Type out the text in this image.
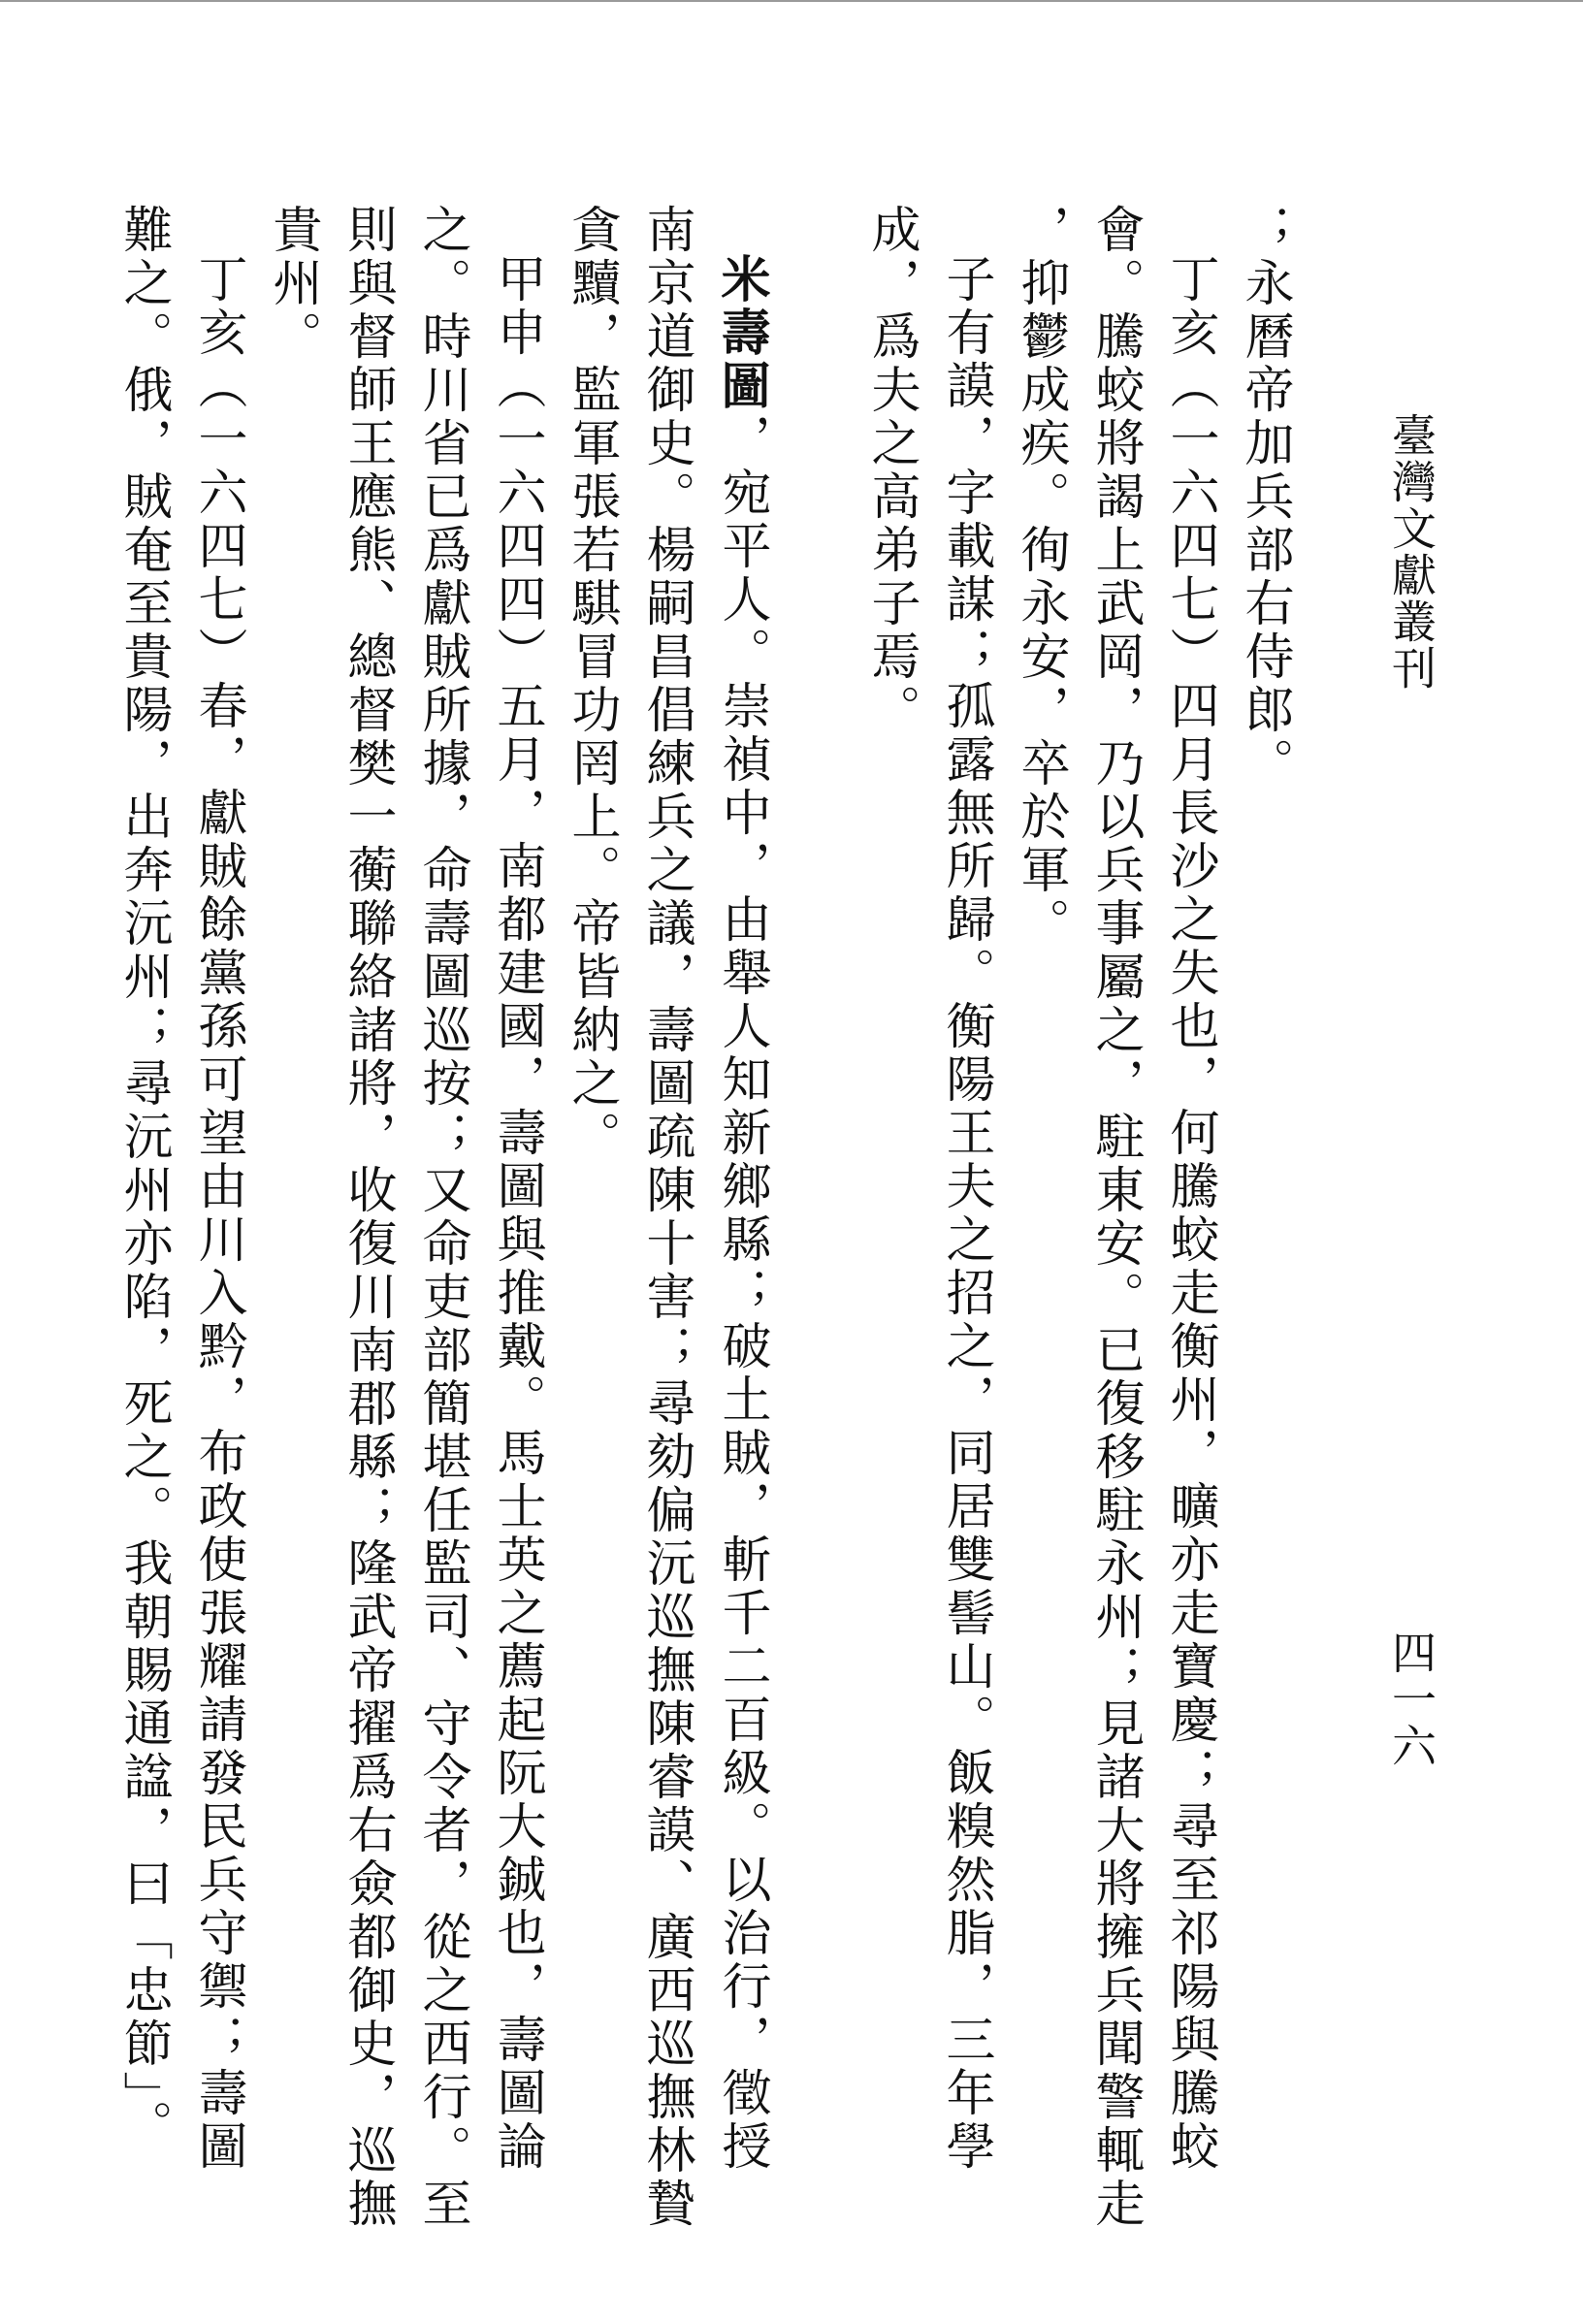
臺灣文獻叢刊
四一六
；永曆帝加兵部右侍郎。
丁亥（一六四七）四月長沙之失也，何騰蛟走衡州，曠亦走寶慶；尋至祁陽與騰蛟
會。騰蛟將謁上武岡，乃以兵事屬之，駐東安。已復移駐永州；見諸大將擁兵聞警輒走
，抑鬱成疾。徇永安，卒於軍。
子有謨，字載謀；孤露無所歸。衡陽王夫之招之，同居雙髻山。飯糗然脂，三年學
成，爲夫之高弟子焉。
米壽圖，宛平人。崇禎中，由舉人知新鄉縣；破土賊，斬千二百級。以治行，徵授
南京道御史。楊嗣昌倡練兵之議，壽圖疏陳十害；尋劾偏沅巡撫陳睿謨、廣西巡撫林贄
貪黷，監軍張若騏冒功罔上。帝皆納之。
甲申（一六四四）五月，南都建國，壽圖與推戴。馬士英之薦起阮大鋮也，壽圖論
之。時川省已爲獻賊所據，命壽圖巡按；又命吏部簡堪任監司、守令者，從之西行。至
則與督師王應熊、總督樊一蘅聯絡諸將，收復川南郡縣；隆武帝擢爲右僉都御史，巡撫
貴州。
丁亥（一六四七）春，獻賊餘黨孫可望由川入黔，布政使張耀請發民兵守禦；壽圖
難之。俄，賊奄至貴陽，出奔沅州；尋沅州亦陷，死之。我朝賜通諡，曰「忠節」。
